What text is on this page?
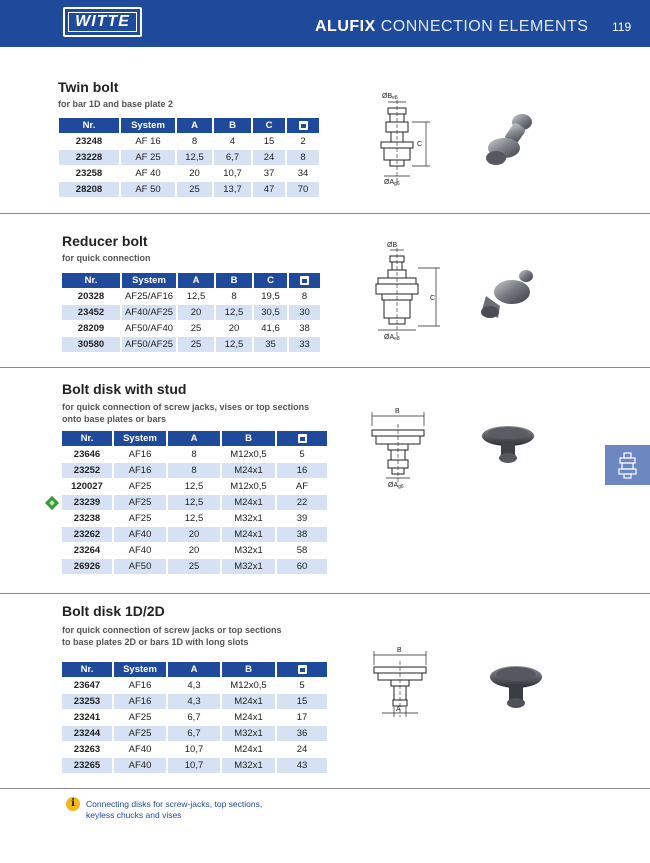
WITTE	ALUFIX CONNECTION ELEMENTS 119
Twin bolt
for bar 1D and base plate 2
Nr.	System	A	B	C	
23248	AF 16	8	4	15	2
23228	AF 25	12,5	6,7	24	8
23258	AF 40	20	10,7	37	34
28208	AF 50	25	13,7	47	70
ØBe8
ØAg6
C
Reducer bolt
for quick connection
Nr.	System	A	B	C	
20328	AF25/AF16	12,5	8	19,5	8
23452	AF40/AF25	20	12,5	30,5	30
28209	AF50/AF40	25	20	41,6	38
30580	AF50/AF25	25	12,5	35	33
ØB
ØAe8
C
Bolt disk with stud
for quick connection of screw jacks, vises or top sections
onto base plates or bars
Nr.	System	A	B	
23646	AF16	8	M12x0,5	5
23252	AF16	8	M24x1	16
120027	AF25	12,5	M12x0,5	AF
23239	AF25	12,5	M24x1	22
23238	AF25	12,5	M32x1	39
23262	AF40	20	M24x1	38
23264	AF40	20	M32x1	58
26926	AF50	25	M32x1	60
B
ØAg6
Bolt disk 1D/2D
for quick connection of screw jacks or top sections
to base plates 2D or bars 1D with long slots
Nr.	System	A	B	
23647	AF16	4,3	M12x0,5	5
23253	AF16	4,3	M24x1	15
23241	AF25	6,7	M24x1	17
23244	AF25	6,7	M32x1	36
23263	AF40	10,7	M24x1	24
23265	AF40	10,7	M32x1	43
B
A
i	Connecting disks for screw-jacks, top sections,
keyless chucks and vises
